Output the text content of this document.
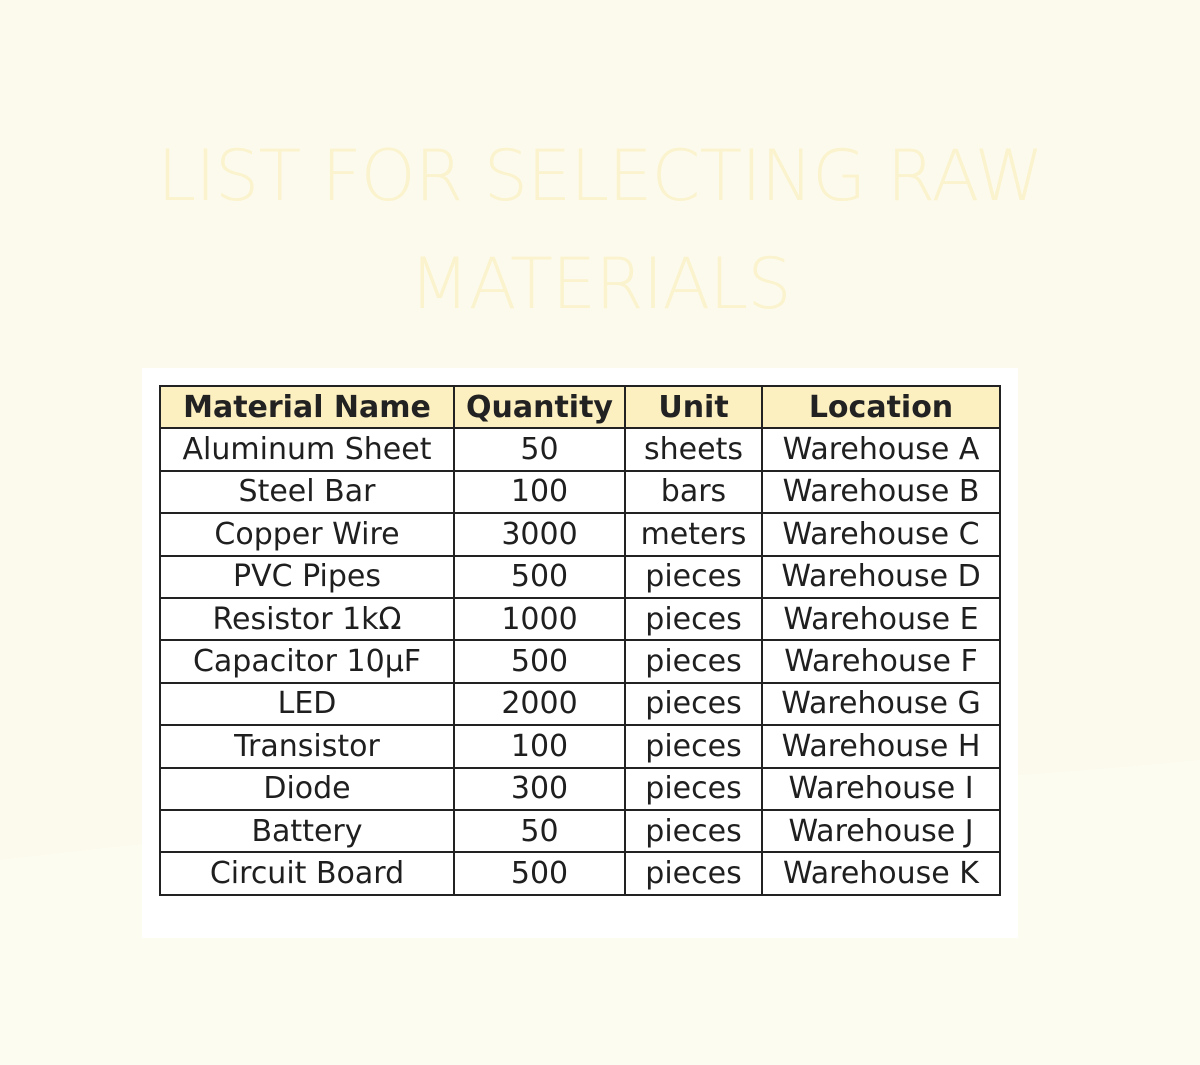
LIST FOR SELECTING RAW
MATERIALS
Material Name	Quantity	Unit	Location
Aluminum Sheet	50	sheets	Warehouse A
Steel Bar	100	bars	Warehouse B
Copper Wire	3000	meters	Warehouse C
PVC Pipes	500	pieces	Warehouse D
Resistor 1kΩ	1000	pieces	Warehouse E
Capacitor 10μF	500	pieces	Warehouse F
LED	2000	pieces	Warehouse G
Transistor	100	pieces	Warehouse H
Diode	300	pieces	Warehouse I
Battery	50	pieces	Warehouse J
Circuit Board	500	pieces	Warehouse K
